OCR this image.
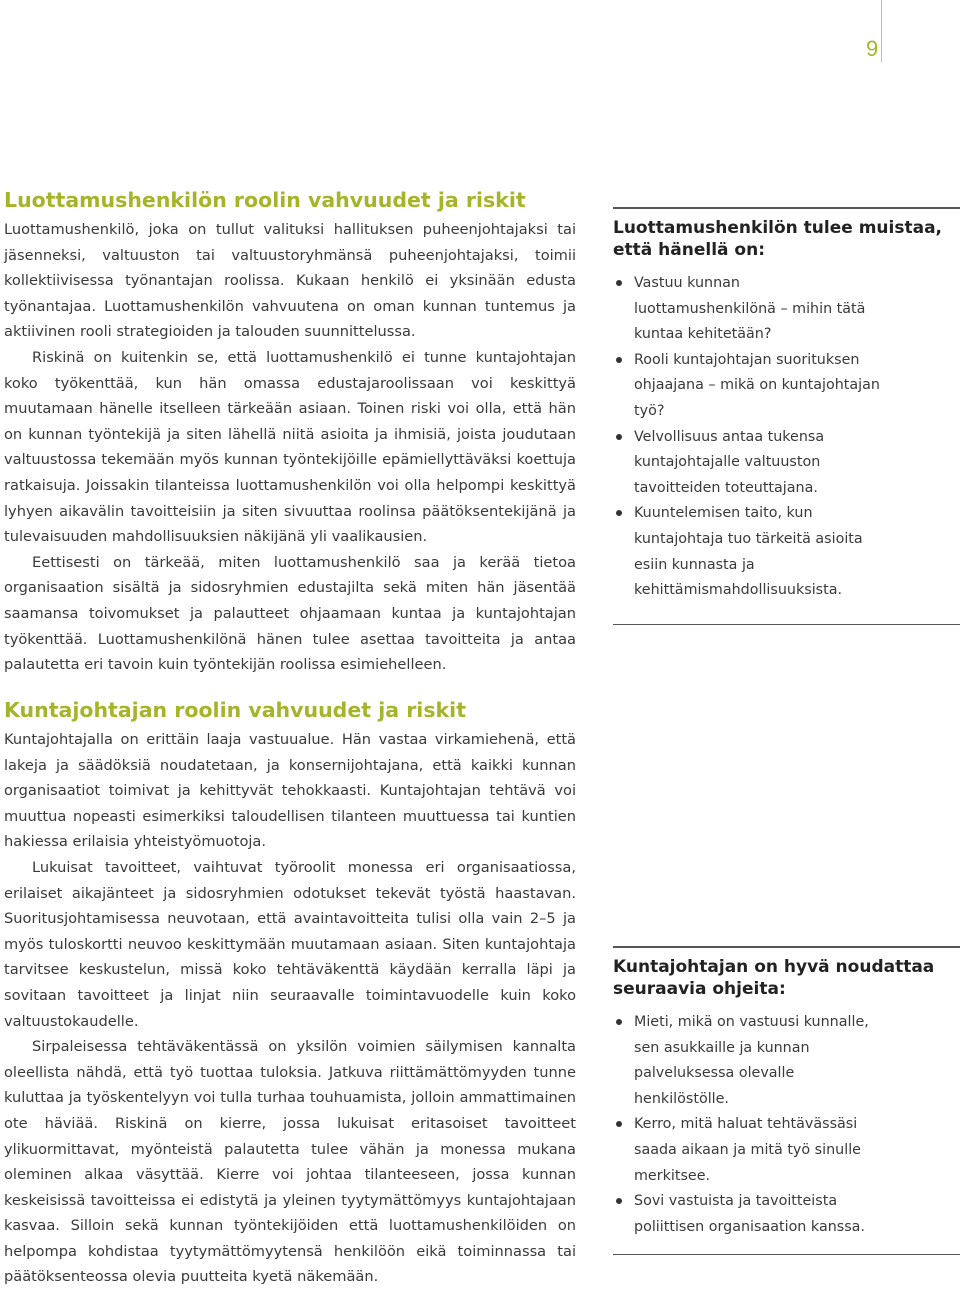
9
Luottamushenkilön roolin vahvuudet ja riskit

Luottamushenkilö, joka on tullut valituksi hallituksen puheenjohtajaksi tai jäsenneksi, valtuuston tai valtuustoryhmänsä puheenjohtajaksi, toimii kollektiivisessa työnantajan roolissa. Kukaan henkilö ei yksinään edusta työnantajaa. Luottamushenkilön vahvuutena on oman kunnan tuntemus ja aktiivinen rooli strategioiden ja talouden suunnittelussa.

Riskinä on kuitenkin se, että luottamushenkilö ei tunne kuntajohtajan koko työkenttää, kun hän omassa edustajaroolissaan voi keskittyä muutamaan hänelle itselleen tärkeään asiaan. Toinen riski voi olla, että hän on kunnan työntekijä ja siten lähellä niitä asioita ja ihmisiä, joista joudutaan valtuustossa tekemään myös kunnan työntekijöille epämiellyttäväksi koettuja ratkaisuja. Joissakin tilanteissa luottamushenkilön voi olla helpompi keskittyä lyhyen aikavälin tavoitteisiin ja siten sivuuttaa roolinsa päätöksentekijänä ja tulevaisuuden mahdollisuuksien näkijänä yli vaalikausien.

Eettisesti on tärkeää, miten luottamushenkilö saa ja kerää tietoa organisaation sisältä ja sidosryhmien edustajilta sekä miten hän jäsentää saamansa toivomukset ja palautteet ohjaamaan kuntaa ja kuntajohtajan työkenttää. Luottamushenkilönä hänen tulee asettaa tavoitteita ja antaa palautetta eri tavoin kuin työntekijän roolissa esimiehelleen.

Kuntajohtajan roolin vahvuudet ja riskit

Kuntajohtajalla on erittäin laaja vastuualue. Hän vastaa virkamiehenä, että lakeja ja säädöksiä noudatetaan, ja konsernijohtajana, että kaikki kunnan organisaatiot toimivat ja kehittyvät tehokkaasti. Kuntajohtajan tehtävä voi muuttua nopeasti esimerkiksi taloudellisen tilanteen muuttuessa tai kuntien hakiessa erilaisia yhteistyömuotoja.

Lukuisat tavoitteet, vaihtuvat työroolit monessa eri organisaatiossa, erilaiset aikajänteet ja sidosryhmien odotukset tekevät työstä haastavan. Suoritusjohtamisessa neuvotaan, että avaintavoitteita tulisi olla vain 2–5 ja myös tuloskortti neuvoo keskittymään muutamaan asiaan. Siten kuntajohtaja tarvitsee keskustelun, missä koko tehtäväkenttä käydään kerralla läpi ja sovitaan tavoitteet ja linjat niin seuraavalle toimintavuodelle kuin koko valtuustokaudelle.

Sirpaleisessa tehtäväkentässä on yksilön voimien säilymisen kannalta oleellista nähdä, että työ tuottaa tuloksia. Jatkuva riittämättömyyden tunne kuluttaa ja työskentelyyn voi tulla turhaa touhuamista, jolloin ammattimainen ote häviää. Riskinä on kierre, jossa lukuisat eritasoiset tavoitteet ylikuormittavat, myönteistä palautetta tulee vähän ja monessa mukana oleminen alkaa väsyttää. Kierre voi johtaa tilanteeseen, jossa kunnan keskeisissä tavoitteissa ei edistytä ja yleinen tyytymättömyys kuntajohtajaan kasvaa. Silloin sekä kunnan työntekijöiden että luottamushenkilöiden on helpompa kohdistaa tyytymättömyytensä henkilöön eikä toiminnassa tai päätöksenteossa olevia puutteita kyetä näkemään.

Luottamushenkilön tulee muistaa, että hänellä on:
Vastuu kunnan luottamushenkilönä – mihin tätä kuntaa kehitetään?
Rooli kuntajohtajan suorituksen ohjaajana – mikä on kuntajohtajan työ?
Velvollisuus antaa tukensa kuntajohtajalle valtuuston tavoitteiden toteuttajana.
Kuuntelemisen taito, kun kuntajohtaja tuo tärkeitä asioita esiin kunnasta ja kehittämismahdollisuuksista.
Kuntajohtajan on hyvä noudattaa seuraavia ohjeita:
Mieti, mikä on vastuusi kunnalle, sen asukkaille ja kunnan palveluksessa olevalle henkilöstölle.
Kerro, mitä haluat tehtävässäsi saada aikaan ja mitä työ sinulle merkitsee.
Sovi vastuista ja tavoitteista poliittisen organisaation kanssa.
